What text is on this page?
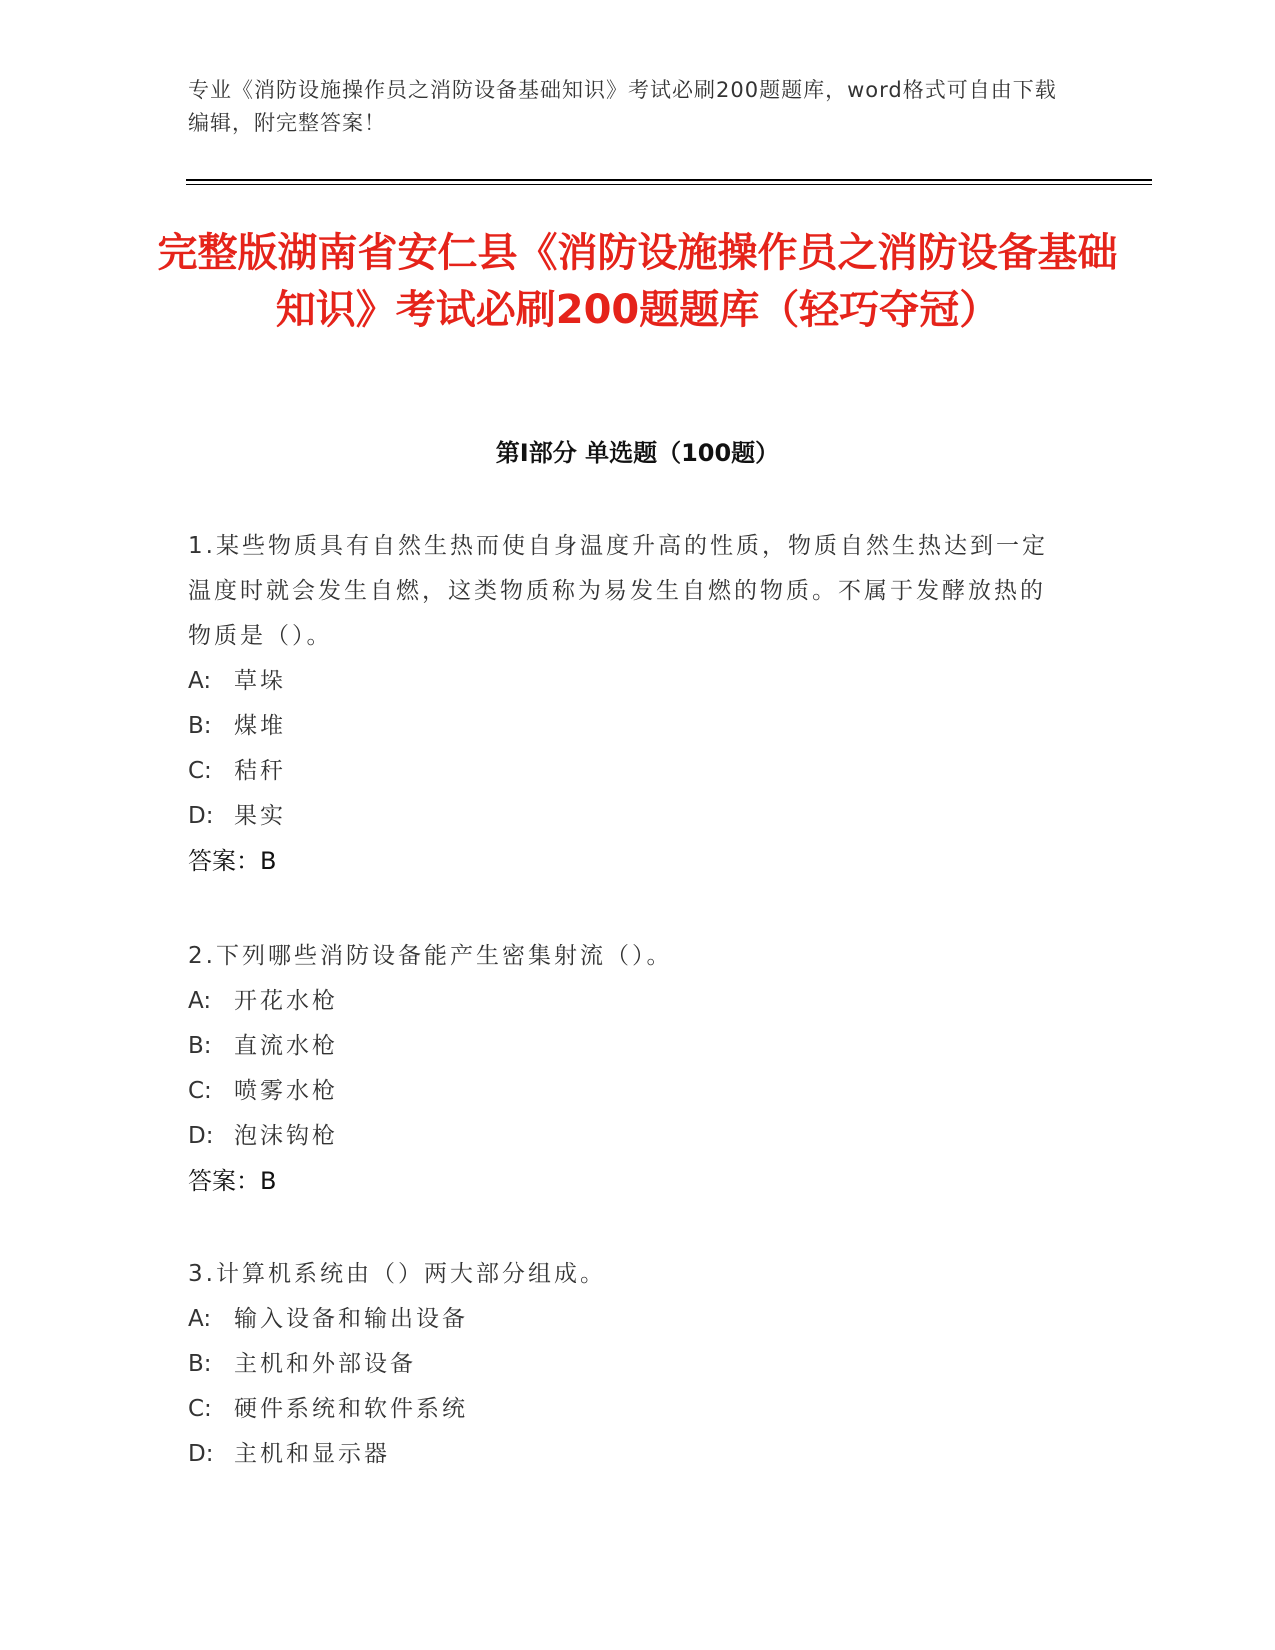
专业《消防设施操作员之消防设备基础知识》考试必刷200题题库，word格式可自由下载编辑，附完整答案！
完整版湖南省安仁县《消防设施操作员之消防设备基础知识》考试必刷200题题库（轻巧夺冠）
第I部分 单选题（100题）

1.某些物质具有自然生热而使自身温度升高的性质，物质自然生热达到一定温度时就会发生自燃，这类物质称为易发生自燃的物质。不属于发酵放热的物质是（）。

A: 草垛

B: 煤堆

C: 秸秆

D: 果实

答案：B

2.下列哪些消防设备能产生密集射流（）。

A: 开花水枪

B: 直流水枪

C: 喷雾水枪

D: 泡沫钩枪

答案：B

3.计算机系统由（）两大部分组成。

A: 输入设备和输出设备

B: 主机和外部设备

C: 硬件系统和软件系统

D: 主机和显示器
